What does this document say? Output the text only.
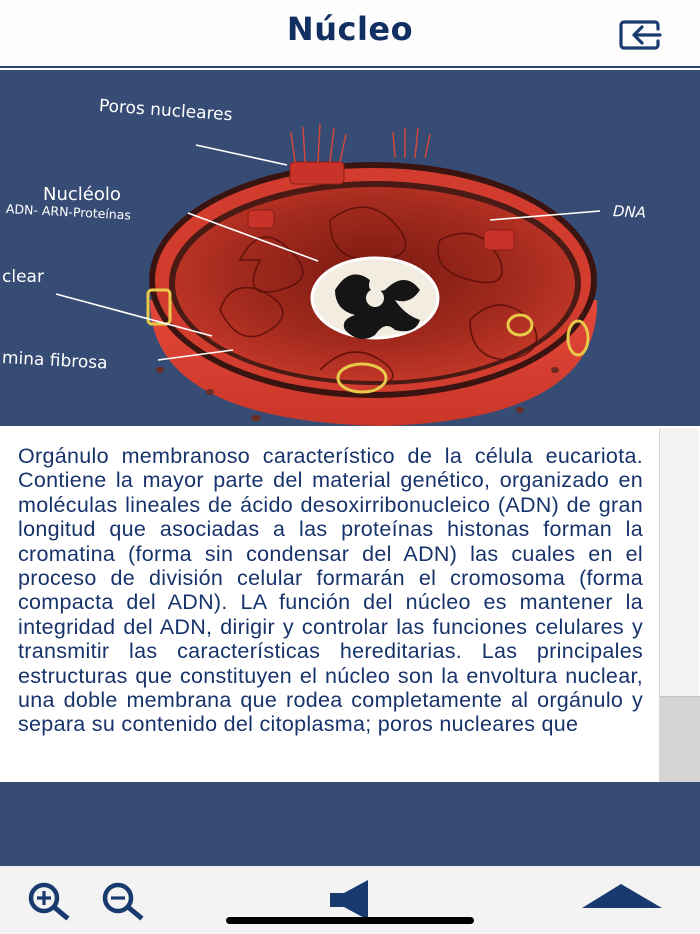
Núcleo
Poros nucleares
Nucléolo
ADN- ARN-Proteínas	DNA
clear
mina fibrosa
Orgánulo membranoso característico de la célula eucariota. Contiene la mayor parte del material genético, organizado en moléculas lineales de ácido desoxirribonucleico (ADN) de gran longitud que asociadas a las proteínas histonas forman la cromatina (forma sin condensar del ADN) las cuales en el proceso de división celular formarán el cromosoma (forma compacta del ADN). LA función del núcleo es mantener la integridad del ADN, dirigir y controlar las funciones celulares y transmitir las características hereditarias. Las principales estructuras que constituyen el núcleo son la envoltura nuclear, una doble membrana que rodea completamente al orgánulo y separa su contenido del citoplasma; poros nucleares que
